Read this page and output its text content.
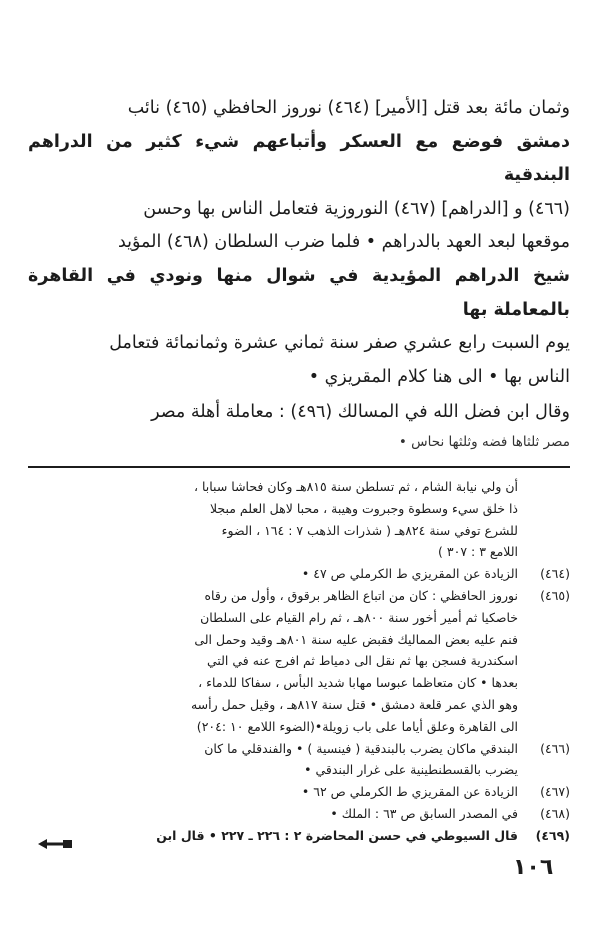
وثمان مائة بعد قتل [الأمير] (٤٦٤) نوروز الحافظي (٤٦٥) نائب

دمشق فوضع مع العسكر وأتباعهم شيء كثير من الدراهم البندقية

(٤٦٦) و [الدراهم] (٤٦٧) النوروزية فتعامل الناس بها وحسن

موقعها لبعد العهد بالدراهم • فلما ضرب السلطان (٤٦٨) المؤيد

شيخ الدراهم المؤيدية في شوال منها ونودي في القاهرة بالمعاملة بها

يوم السبت رابع عشري صفر سنة ثماني عشرة وثمانمائة فتعامل

الناس بها • الى هنا كلام المقريزي •

وقال ابن فضل الله في المسالك (٤٩٦) : معاملة أهلة مصر

مصر ثلثاها فضه وثلثها نحاس •

أن ولي نيابة الشام ، ثم تسلطن سنة ٨١٥هـ وكان فحاشا سبابا ،
ذا خلق سيء وسطوة وجبروت وهيبة ، محبا لاهل العلم مبجلا
للشرع توفي سنة ٨٢٤هـ ( شذرات الذهب ٧ : ١٦٤ ، الضوء
اللامع ٣ : ٣٠٧ )
(٤٦٤)
الزيادة عن المقريزي ط الكرملي ص ٤٧ •
(٤٦٥)
نوروز الحافظي : كان من اتباع الظاهر برقوق ، وأول من رقاه
خاصكيا ثم أمير أخور سنة ٨٠٠هـ ، ثم رام القيام على السلطان
فنم عليه بعض المماليك فقبض عليه سنة ٨٠١هـ وقيد وحمل الى
اسكندرية فسجن بها ثم نقل الى دمياط ثم افرج عنه في التي
بعدها • كان متعاظما عبوسا مهابا شديد البأس ، سفاكا للدماء ،
وهو الذي عمر قلعة دمشق • قتل سنة ٨١٧هـ ، وقيل حمل رأسه
الى القاهرة وعلق أياما على باب زويلة•(الضوء اللامع ١٠ :٢٠٤)
(٤٦٦)
البندقي ماكان يضرب بالبندقية ( فينسية ) • والفندقلي ما كان
يضرب بالقسطنطينية على غرار البندقي •
(٤٦٧)
الزيادة عن المقريزي ط الكرملي ص ٦٢ •
(٤٦٨)
في المصدر السابق ص ٦٣ : الملك •
(٤٦٩)
قال السيوطي في حسن المحاضرة ٢ : ٢٢٦ ـ ٢٢٧ • قال ابن
١٠٦
